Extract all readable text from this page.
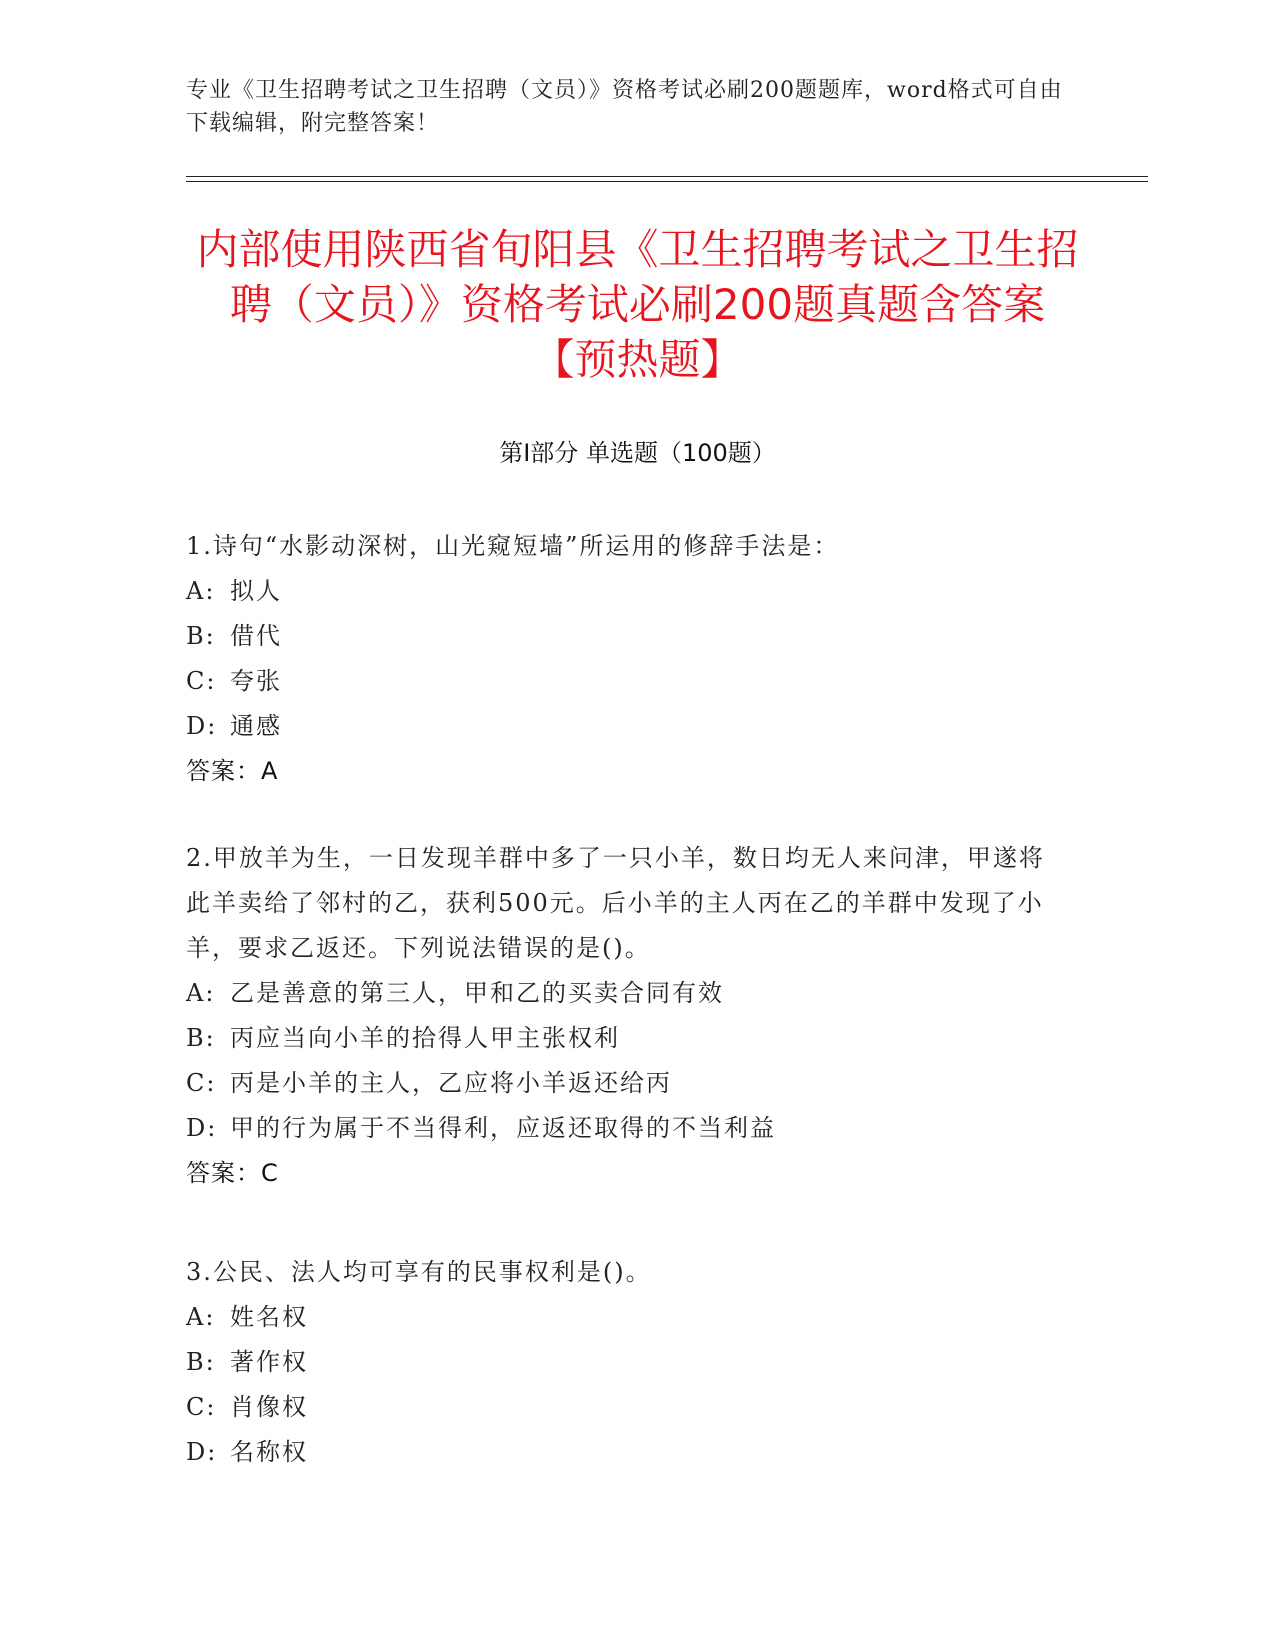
专业《卫生招聘考试之卫生招聘（文员）》资格考试必刷200题题库，word格式可自由下载编辑，附完整答案！
内部使用陕西省旬阳县《卫生招聘考试之卫生招聘（文员）》资格考试必刷200题真题含答案【预热题】
第Ⅰ部分 单选题（100题）
1.诗句“水影动深树，山光窥短墙”所运用的修辞手法是：
A: 拟人
B: 借代
C: 夸张
D: 通感
答案：A
2.甲放羊为生，一日发现羊群中多了一只小羊，数日均无人来问津，甲遂将此羊卖给了邻村的乙，获利500元。后小羊的主人丙在乙的羊群中发现了小羊，要求乙返还。下列说法错误的是()。
A: 乙是善意的第三人，甲和乙的买卖合同有效
B: 丙应当向小羊的拾得人甲主张权利
C: 丙是小羊的主人，乙应将小羊返还给丙
D: 甲的行为属于不当得利，应返还取得的不当利益
答案：C
3.公民、法人均可享有的民事权利是()。
A: 姓名权
B: 著作权
C: 肖像权
D: 名称权
